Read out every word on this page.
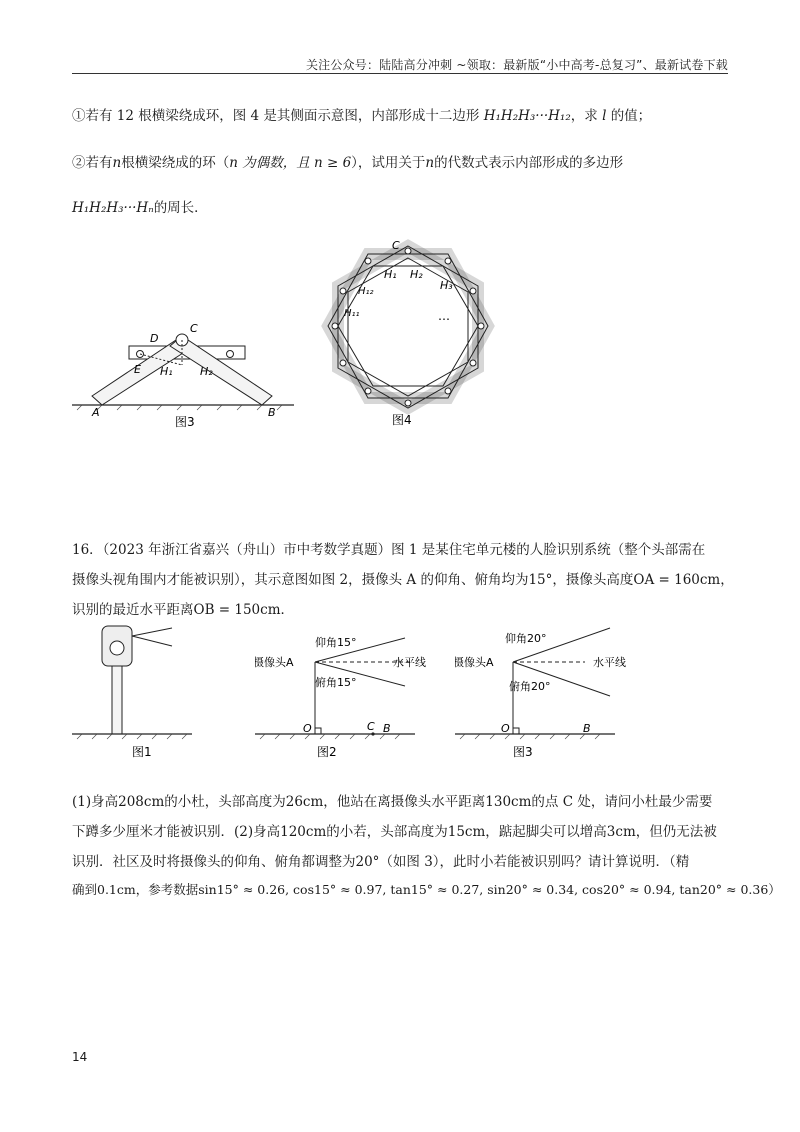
关注公众号：陆陆高分冲刺 ~领取：最新版“小中高考-总复习”、最新试卷下载
①若有 12 根横梁绕成环，图 4 是其侧面示意图，内部形成十二边形 H₁H₂H₃···H₁₂，求 l 的值；
②若有n根横梁绕成的环（n 为偶数，且 n ≥ 6），试用关于n的代数式表示内部形成的多边形
H₁H₂H₃···Hₙ的周长．
C
D
E H₁ H₂
A	B
图3
C
H₁ H₂
H₃
H₁₂
H₁₁	…
图4
16．（2023 年浙江省嘉兴（舟山）市中考数学真题）图 1 是某住宅单元楼的人脸识别系统（整个头部需在
摄像头视角围内才能被识别），其示意图如图 2，摄像头 A 的仰角、俯角均为15°，摄像头高度OA = 160cm，
识别的最近水平距离OB = 150cm．
图1
摄像头A
仰角15°
俯角15°
水平线
O	C B
图2
摄像头A
仰角20°
俯角20°
水平线
O	B
图3
(1)身高208cm的小杜，头部高度为26cm，他站在离摄像头水平距离130cm的点 C 处，请问小杜最少需要
下蹲多少厘米才能被识别．(2)身高120cm的小若，头部高度为15cm，踮起脚尖可以增高3cm，但仍无法被
识别．社区及时将摄像头的仰角、俯角都调整为20°（如图 3），此时小若能被识别吗？请计算说明．（精
确到0.1cm，参考数据sin15° ≈ 0.26, cos15° ≈ 0.97, tan15° ≈ 0.27, sin20° ≈ 0.34, cos20° ≈ 0.94, tan20° ≈ 0.36）
14
